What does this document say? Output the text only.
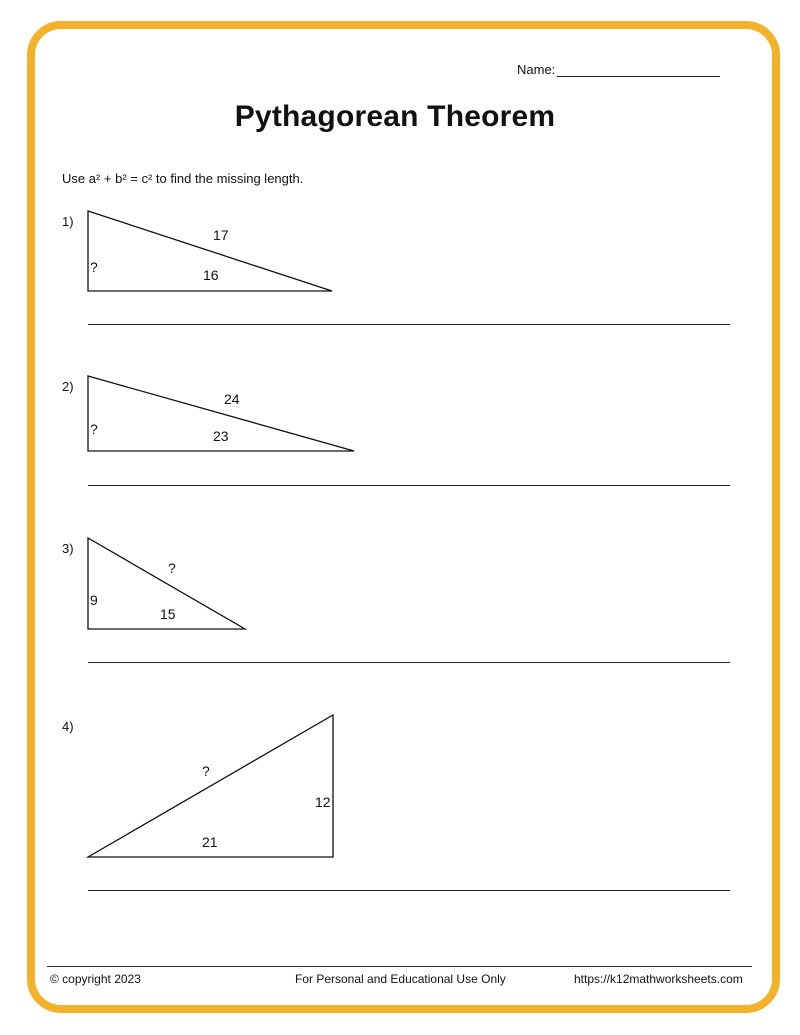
Name:
Pythagorean Theorem
Use a² + b² = c² to find the missing length.
1)
2)
3)
4)
17
16
?
24
23
?
?
15
9
?
21
12
© copyright 2023	For Personal and Educational Use Only	https://k12mathworksheets.com
